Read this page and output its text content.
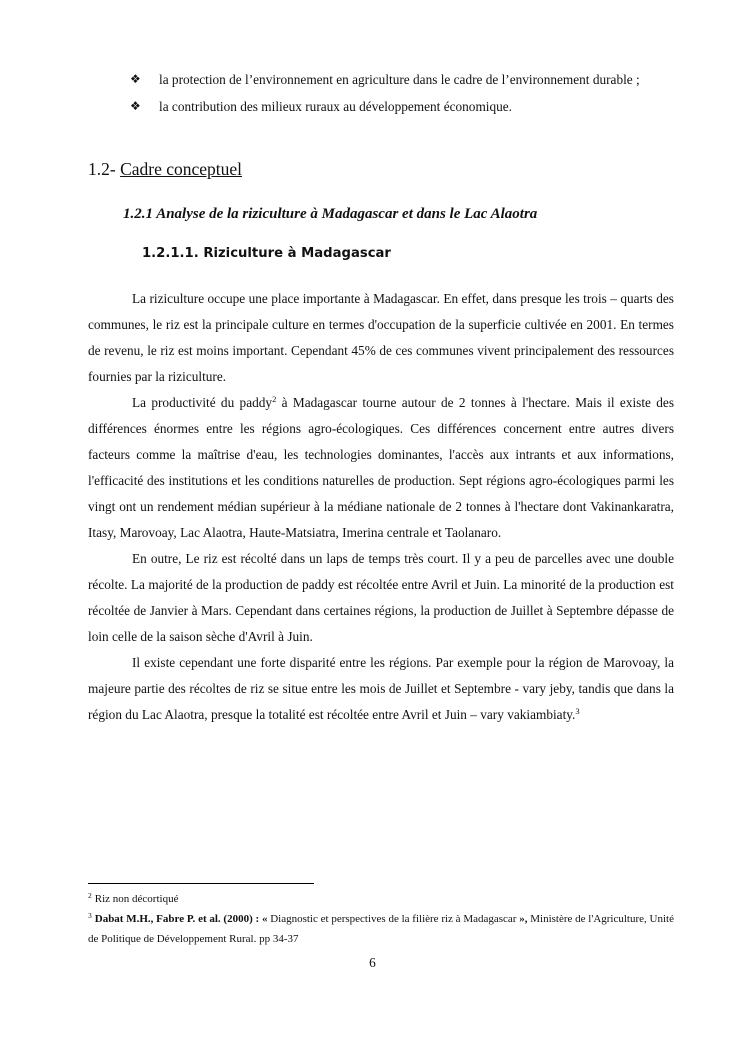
❖ la protection de l’environnement en agriculture dans le cadre de l’environnement durable ;
❖ la contribution des milieux ruraux au développement économique.
1.2- Cadre conceptuel
1.2.1 Analyse de la riziculture à Madagascar et dans le Lac Alaotra
1.2.1.1. Riziculture à Madagascar

La riziculture occupe une place importante à Madagascar. En effet, dans presque les trois – quarts des communes, le riz est la principale culture en termes d'occupation de la superficie cultivée en 2001. En termes de revenu, le riz est moins important. Cependant 45% de ces communes vivent principalement des ressources fournies par la riziculture.

La productivité du paddy$^2$ à Madagascar tourne autour de 2 tonnes à l'hectare. Mais il existe des différences énormes entre les régions agro-écologiques. Ces différences concernent entre autres divers facteurs comme la maîtrise d'eau, les technologies dominantes, l'accès aux intrants et aux informations, l'efficacité des institutions et les conditions naturelles de production. Sept régions agro-écologiques parmi les vingt ont un rendement médian supérieur à la médiane nationale de 2 tonnes à l'hectare dont Vakinankaratra, Itasy, Marovoay, Lac Alaotra, Haute-Matsiatra, Imerina centrale et Taolanaro.

En outre, Le riz est récolté dans un laps de temps très court. Il y a peu de parcelles avec une double récolte. La majorité de la production de paddy est récoltée entre Avril et Juin. La minorité de la production est récoltée de Janvier à Mars. Cependant dans certaines régions, la production de Juillet à Septembre dépasse de loin celle de la saison sèche d'Avril à Juin.

Il existe cependant une forte disparité entre les régions. Par exemple pour la région de Marovoay, la majeure partie des récoltes de riz se situe entre les mois de Juillet et Septembre - vary jeby, tandis que dans la région du Lac Alaotra, presque la totalité est récoltée entre Avril et Juin – vary vakiambiaty.$^3$

$^2$ Riz non décortiqué

$^3$ Dabat M.H., Fabre P. et al. (2000) : « Diagnostic et perspectives de la filière riz à Madagascar », Ministère de l'Agriculture, Unité de Politique de Développement Rural. pp 34-37

6
